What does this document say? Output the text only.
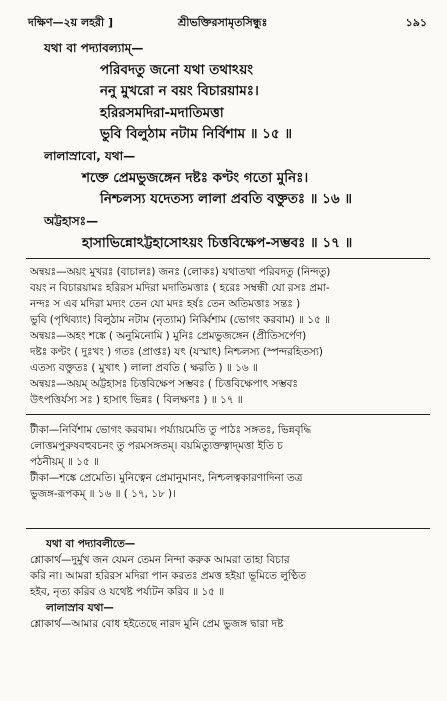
দক্ষিণ—২য় লহরী ]	শ্রীভক্তিরসামৃতসিন্ধুঃ	১৯১
যথা বা পদ্যাবল্যাম্‌—
পরিবদতু জনো যথা তথাঽয়ং
ননু মুখরো ন বয়ং বিচারয়ামঃ।
হরিরসমদিরা-মদাতিমত্তা
ভুবি বিলুঠাম নটাম নির্বিশাম ॥ ১৫ ॥
লালাস্রাবো, যথা—
শক্তে প্রেমভুজঙ্গেন দষ্টঃ কণ্টং গতো মুনিঃ।
নিশ্চলস্য যদেতস্য লালা প্রবতি বক্তুতঃ ॥ ১৬ ॥
অট্টহাসঃ—
হাসাভিন্নোঽট্টহাসোঽয়ং চিত্তবিক্ষেপ-সম্ভবঃ ॥ ১৭ ॥
অন্বয়ঃ—অয়ং মুখরঃ (বাচালঃ) জনঃ (লোকঃ) যথাতথা পরিবদতু (নিন্দতু)
বয়ং ন বিচারয়ামঃ হরিরস মদিরা মদাতিমত্তাঃ ( হরেঃ সম্বন্ধী যো রসঃ প্রমা-
নন্দঃ স এব মদিরা মদ্যং তেন যো মদঃ হর্ষঃ তেন অতিমত্তাঃ সন্তঃ )
ভুবি (পৃথিব্যাং) বিলুঠাম নটাম (নৃত্যাম) নির্ব্বিশাম (ভোগং করবাম) ॥ ১৫ ॥
অন্বয়ঃ—অহং শঙ্কে ( অনুমিনোমি ) মুনিঃ প্রেমভুজঙ্গেন (প্রীতিসর্পেণ)
দষ্টঃ কণ্টং ( দুঃখং ) গতঃ (প্রাপ্তঃ) যৎ (যস্মাৎ) নিশ্চলস্য (স্পন্দরহিতস্য)
এতস্য বক্তুতঃ ( মুখাৎ ) লালা প্রবতি ( ক্ষরতি ) ॥ ১৬ ॥
অন্বয়ঃ—অয়ম্‌ অট্টহাসঃ চিত্তবিক্ষেপ সম্ভবঃ ( চিত্তবিক্ষেপাৎ সম্ভবঃ
উৎপত্তির্যস্য সঃ ) হাসাৎ ভিন্নঃ ( বিলক্ষণঃ ) ॥ ১৭ ॥
টীকা—নির্বিশাম ভোগং করবাম। পর্য্যায়মেতি তু পাঠঃ সঙ্গতঃ, ভিন্নবৃদ্ধি
লোত্তমপুরুষবহুবচনং তু পরমসঙ্গতম্‌। বয়মিত্যুক্তত্বাদ্‌মত্তা ইতি চ
পঠনীয়ম্‌ ॥ ১৫ ॥
টীকা—শঙ্কে প্রেমেতি। মুনিত্বেন প্রেমানুমানং, নিশ্চলত্বকারণাদিনা তত্র
ভুজঙ্গ-রূপকম্‌ ॥ ১৬ ॥ ( ১৭, ১৮ )।
যথা বা পদ্যাবলীতে—
শ্লোকার্থ—দুর্মুখ জন যেমন তেমন নিন্দা করুক আমরা তাহা বিচার
করি না। আমরা হরিরস মদিরা পান করতঃ প্রমত্ত হইয়া ভূমিতে লুণ্ঠিত
হইব, নৃত্য করিব ও যথেষ্ট পর্য্যটন করিব ॥ ১৫ ॥
লালাস্রাব যথা—
শ্লোকার্থ—আমার বোধ হইতেছে নারদ মুনি প্রেম ভুজঙ্গ দ্বারা দষ্ট
